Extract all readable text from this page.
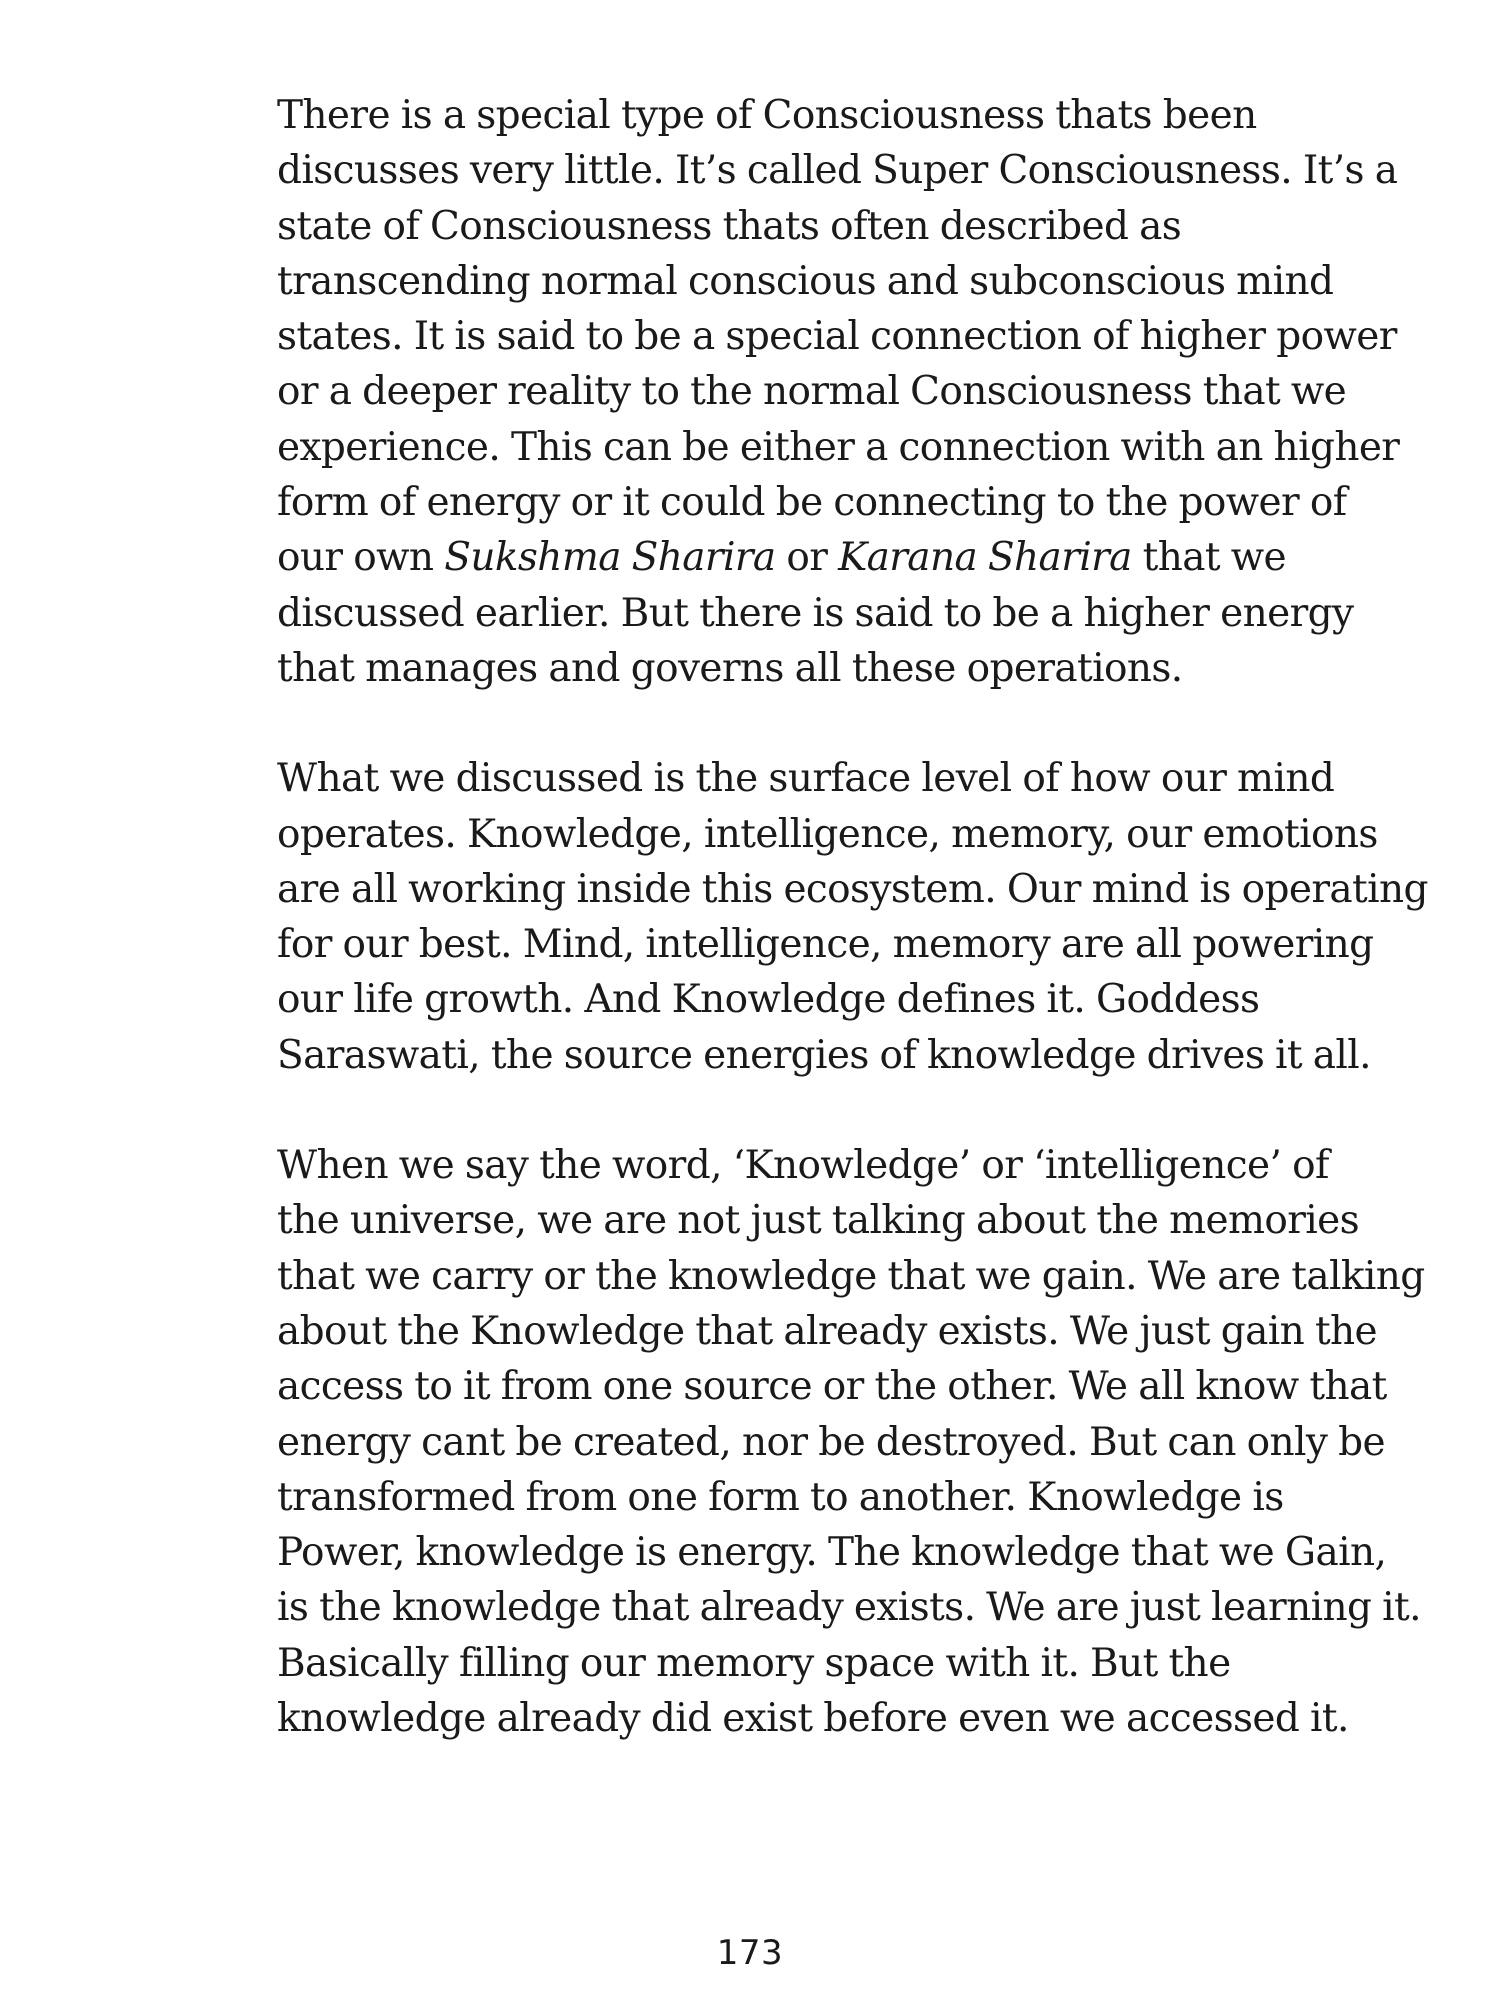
There is a special type of Consciousness thats been
discusses very little. It’s called Super Consciousness. It’s a
state of Consciousness thats often described as
transcending normal conscious and subconscious mind
states. It is said to be a special connection of higher power
or a deeper reality to the normal Consciousness that we
experience. This can be either a connection with an higher
form of energy or it could be connecting to the power of
our own Sukshma Sharira or Karana Sharira that we
discussed earlier. But there is said to be a higher energy
that manages and governs all these operations.

What we discussed is the surface level of how our mind
operates. Knowledge, intelligence, memory, our emotions
are all working inside this ecosystem. Our mind is operating
for our best. Mind, intelligence, memory are all powering
our life growth. And Knowledge defines it. Goddess
Saraswati, the source energies of knowledge drives it all.

When we say the word, ‘Knowledge’ or ‘intelligence’ of
the universe, we are not just talking about the memories
that we carry or the knowledge that we gain. We are talking
about the Knowledge that already exists. We just gain the
access to it from one source or the other. We all know that
energy cant be created, nor be destroyed. But can only be
transformed from one form to another. Knowledge is
Power, knowledge is energy. The knowledge that we Gain,
is the knowledge that already exists. We are just learning it.
Basically filling our memory space with it. But the
knowledge already did exist before even we accessed it.

173
